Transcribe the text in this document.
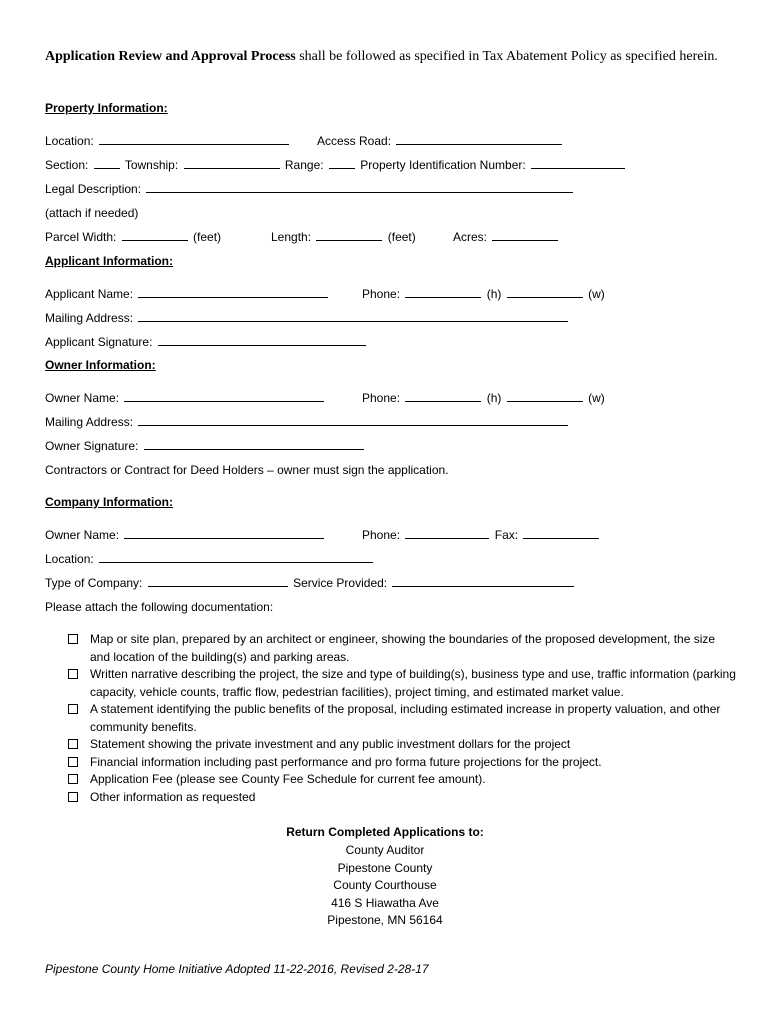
Application Review and Approval Process shall be followed as specified in Tax Abatement Policy as specified herein.
Property Information:
Location:	Access Road:
Section:	Township:	Range:	Property Identification Number:
Legal Description:
(attach if needed)
Parcel Width:	(feet)	Length:	(feet)	Acres:
Applicant Information:
Applicant Name:	Phone:	(h)	(w)
Mailing Address:
Applicant Signature:
Owner Information:
Owner Name:	Phone:	(h)	(w)
Mailing Address:
Owner Signature:
Contractors or Contract for Deed Holders – owner must sign the application.
Company Information:
Owner Name:	Phone:	Fax:
Location:
Type of Company:	Service Provided:
Please attach the following documentation:
Map or site plan, prepared by an architect or engineer, showing the boundaries of the proposed development, the size and location of the building(s) and parking areas.
Written narrative describing the project, the size and type of building(s), business type and use, traffic information (parking capacity, vehicle counts, traffic flow, pedestrian facilities), project timing, and estimated market value.
A statement identifying the public benefits of the proposal, including estimated increase in property valuation, and other community benefits.
Statement showing the private investment and any public investment dollars for the project
Financial information including past performance and pro forma future projections for the project.
Application Fee (please see County Fee Schedule for current fee amount).
Other information as requested
Return Completed Applications to:
County Auditor
Pipestone County
County Courthouse
416 S Hiawatha Ave
Pipestone, MN 56164
Pipestone County Home Initiative Adopted 11-22-2016, Revised 2-28-17
